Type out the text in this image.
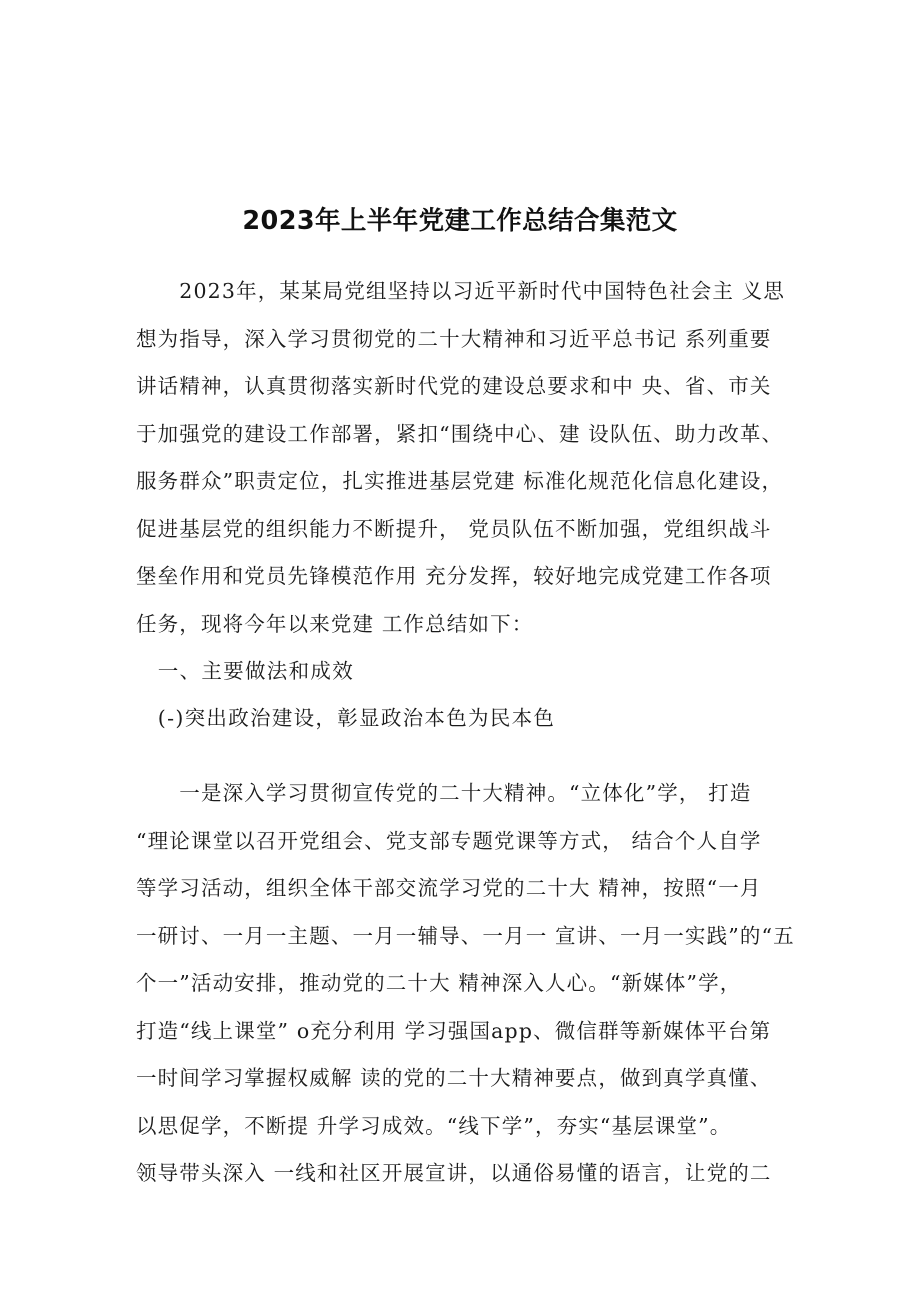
2023年上半年党建工作总结合集范文
　　2023年，某某局党组坚持以习近平新时代中国特色社会主 义思
想为指导，深入学习贯彻党的二十大精神和习近平总书记 系列重要
讲话精神，认真贯彻落实新时代党的建设总要求和中 央、省、市关
于加强党的建设工作部署，紧扣“围绕中心、建 设队伍、助力改革、
服务群众”职责定位，扎实推进基层党建 标准化规范化信息化建设，
促进基层党的组织能力不断提升， 党员队伍不断加强，党组织战斗
堡垒作用和党员先锋模范作用 充分发挥，较好地完成党建工作各项
任务，现将今年以来党建 工作总结如下：
　一、主要做法和成效
　(-)突出政治建设，彰显政治本色为民本色
　　一是深入学习贯彻宣传党的二十大精神。“立体化”学， 打造
“理论课堂以召开党组会、党支部专题党课等方式， 结合个人自学
等学习活动，组织全体干部交流学习党的二十大 精神，按照“一月
一研讨、一月一主题、一月一辅导、一月一 宣讲、一月一实践”的“五
个一”活动安排，推动党的二十大 精神深入人心。“新媒体”学，
打造“线上课堂” o充分利用 学习强国app、微信群等新媒体平台第
一时间学习掌握权威解 读的党的二十大精神要点，做到真学真懂、
以思促学，不断提 升学习成效。“线下学”，夯实“基层课堂”。
领导带头深入 一线和社区开展宣讲，以通俗易懂的语言，让党的二
